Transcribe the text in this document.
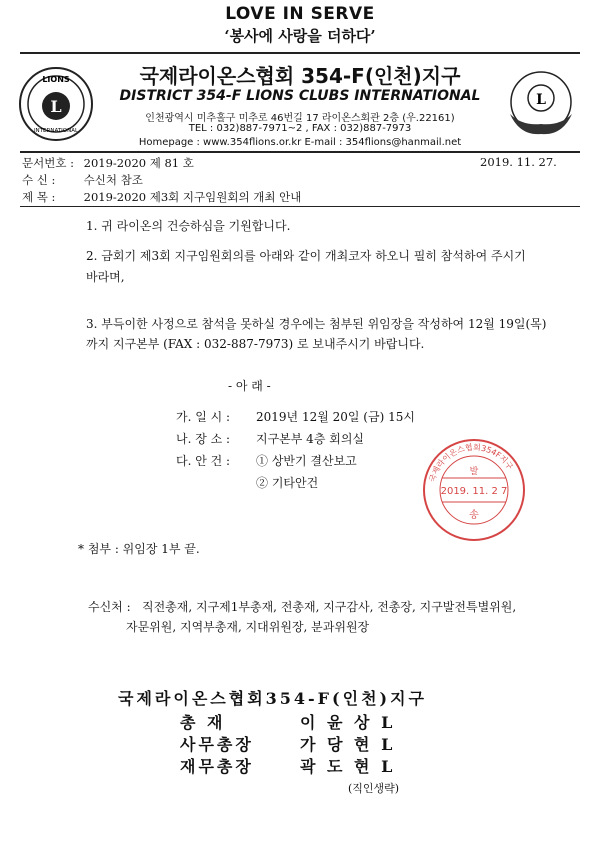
LOVE IN SERVE
‘봉사에 사랑을 더하다’
LIONS
L
INTERNATIONAL
L
국제라이온스협회 354-F(인천)지구
DISTRICT 354-F LIONS CLUBS INTERNATIONAL
인천광역시 미추홀구 미추로 46번길 17 라이온스회관 2층 (우.22161)
TEL : 032)887-7971~2 , FAX : 032)887-7973
Homepage : www.354flions.or.kr E-mail : 354flions@hanmail.net
문서번호 : 2019-2020 제 81 호	2019. 11. 27.
수 신 : 수신처 참조
제 목 : 2019-2020 제3회 지구임원회의 개최 안내
1. 귀 라이온의 건승하심을 기원합니다.
2. 금회기 제3회 지구임원회의를 아래와 같이 개최코자 하오니 필히 참석하여 주시기
바라며,
3. 부득이한 사정으로 참석을 못하실 경우에는 첨부된 위임장을 작성하여 12월 19일(목)
까지 지구본부 (FAX : 032-887-7973) 로 보내주시기 바랍니다.
- 아 래 -
가. 일 시 : 2019년 12월 20일 (금) 15시
나. 장 소 : 지구본부 4층 회의실
다. 안 건 : ① 상반기 결산보고
② 기타안건	국제라이온스협회354F지구
발
2019. 11. 2 7
송
* 첨부 : 위임장 1부 끝.
수신처 : 직전총재, 지구제1부총재, 전총재, 지구감사, 전총장, 지구발전특별위원,
자문위원, 지역부총재, 지대위원장, 분과위원장
국제라이온스협회354-F(인천)지구
총 재	이 윤 상 L
사무총장	가 당 현 L
재무총장	곽 도 현 L
(직인생략)
